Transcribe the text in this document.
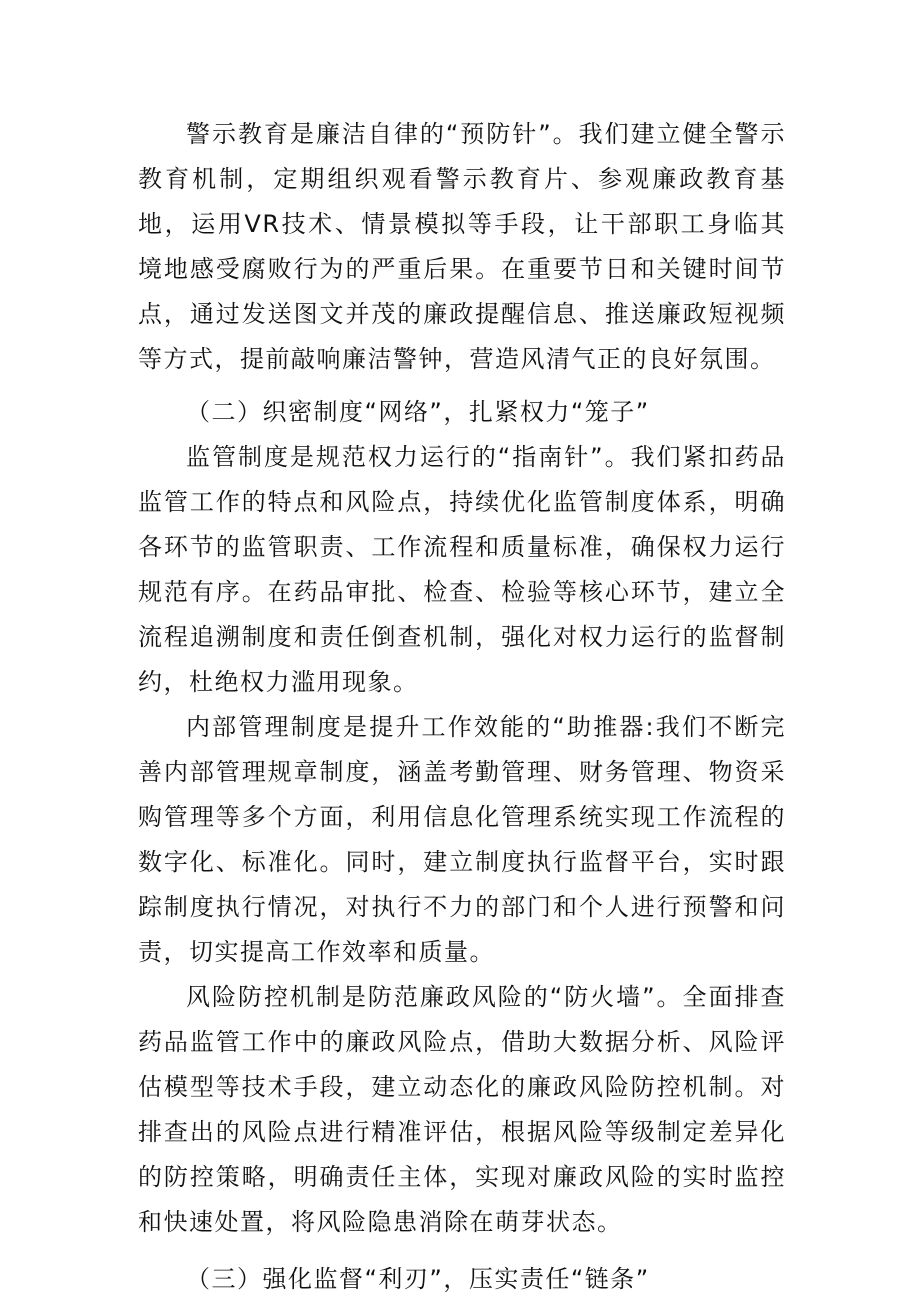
警示教育是廉洁自律的“预防针”。我们建立健全警示教育机制，定期组织观看警示教育片、参观廉政教育基地，运用VR技术、情景模拟等手段，让干部职工身临其境地感受腐败行为的严重后果。在重要节日和关键时间节点，通过发送图文并茂的廉政提醒信息、推送廉政短视频等方式，提前敲响廉洁警钟，营造风清气正的良好氛围。

（二）织密制度“网络”，扎紧权力“笼子”

监管制度是规范权力运行的“指南针”。我们紧扣药品监管工作的特点和风险点，持续优化监管制度体系，明确各环节的监管职责、工作流程和质量标准，确保权力运行规范有序。在药品审批、检查、检验等核心环节，建立全流程追溯制度和责任倒查机制，强化对权力运行的监督制约，杜绝权力滥用现象。

内部管理制度是提升工作效能的“助推器:我们不断完善内部管理规章制度，涵盖考勤管理、财务管理、物资采购管理等多个方面，利用信息化管理系统实现工作流程的数字化、标准化。同时，建立制度执行监督平台，实时跟踪制度执行情况，对执行不力的部门和个人进行预警和问责，切实提高工作效率和质量。

风险防控机制是防范廉政风险的“防火墙”。全面排查药品监管工作中的廉政风险点，借助大数据分析、风险评估模型等技术手段，建立动态化的廉政风险防控机制。对排查出的风险点进行精准评估，根据风险等级制定差异化的防控策略，明确责任主体，实现对廉政风险的实时监控和快速处置，将风险隐患消除在萌芽状态。

（三）强化监督“利刃”，压实责任“链条”
